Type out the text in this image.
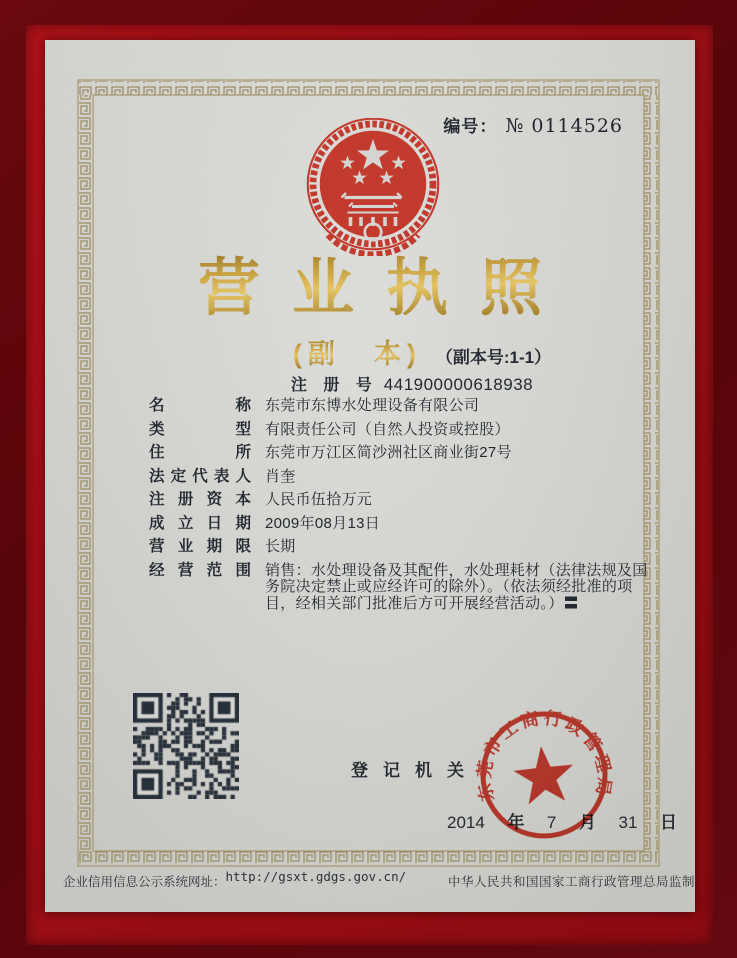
编号： № 0114526
营业执照
(副　本) （副本号:1-1）
注 册 号 441900000618938
名称 东莞市东博水处理设备有限公司
类型 有限责任公司（自然人投资或控股）
住所 东莞市万江区简沙洲社区商业街27号
法定代表人 肖奎
注册资本 人民币伍拾万元
成立日期 2009年08月13日
营业期限 长期
经营范围 销售：水处理设备及其配件，水处理耗材（法律法规及国务院决定禁止或应经许可的除外）。（依法须经批准的项目，经相关部门批准后方可开展经营活动。）〓
登记机关
2014 年 7 月 31 日
东莞市工商行政管理局
企业信用信息公示系统网址： http://gsxt.gdgs.gov.cn/	中华人民共和国国家工商行政管理总局监制
